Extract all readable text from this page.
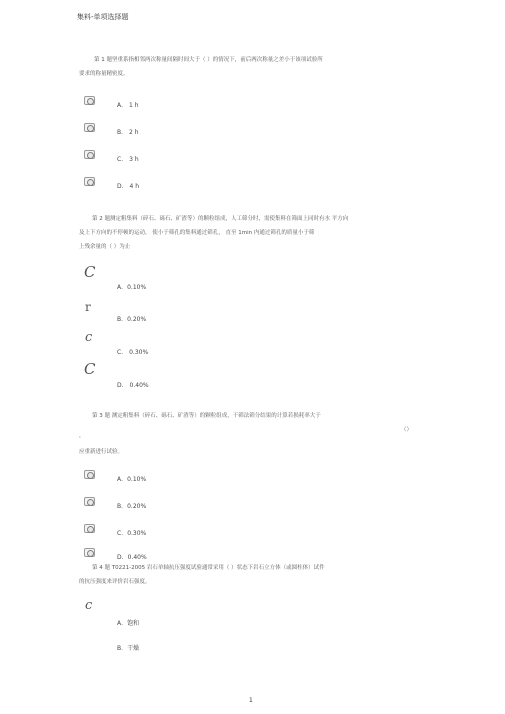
集料-单项选择题
第 1 题坚重系指相邻两次称量间隔时间大于（ ）的情况下，前后两次称量之差小于该项试验所
要求的称量精密度。
A． 1 h
B． 2 h
C． 3 h
D． 4 h
第 2 题测定粗集料（碎石、砾石、矿渣等）的颗粒组成，人工筛分时，需使集料在筛面上同时有水 平方向
及上下方向的不停顿的运动， 使小于筛孔的集料通过筛孔， 直至 1min 内通过筛孔的质量小于筛
上残余量的（ ）为止
C
A．0.10%
r
B．0.20%
c
C． 0.30%
C
D． 0.40%
第 3 题 测定粗集料（碎石、砾石、矿渣等）的颗粒组成，干筛法筛分结果的计算若损耗率大于
（）
，
应重新进行试验。
A．0.10%
B．0.20%
C．0.30%
D．0.40%
第 4 题 T0221-2005 岩石单轴抗压强度试验通常采用（ ）状态下岩石立方体（或圆柱体）试件
的抗压强度来评价岩石强度。
c
A．饱和
B．干燥
1
